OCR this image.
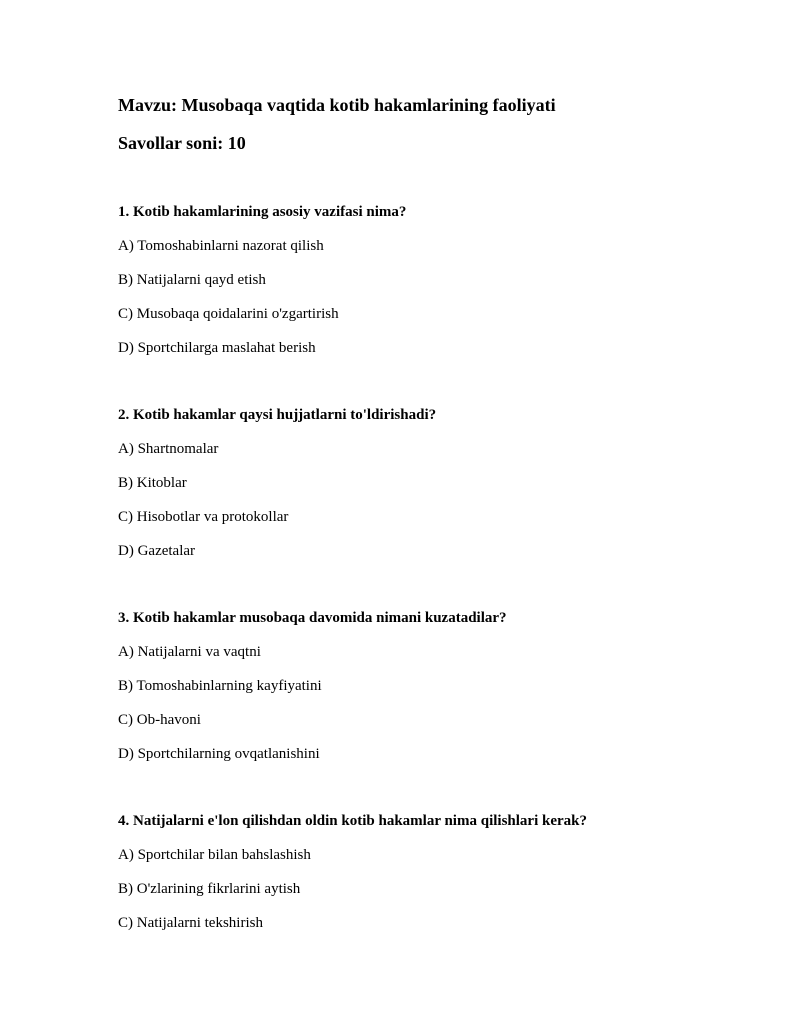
Mavzu: Musobaqa vaqtida kotib hakamlarining faoliyati
Savollar soni: 10
1. Kotib hakamlarining asosiy vazifasi nima?
A) Tomoshabinlarni nazorat qilish
B) Natijalarni qayd etish
C) Musobaqa qoidalarini o'zgartirish
D) Sportchilarga maslahat berish
2. Kotib hakamlar qaysi hujjatlarni to'ldirishadi?
A) Shartnomalar
B) Kitoblar
C) Hisobotlar va protokollar
D) Gazetalar
3. Kotib hakamlar musobaqa davomida nimani kuzatadilar?
A) Natijalarni va vaqtni
B) Tomoshabinlarning kayfiyatini
C) Ob-havoni
D) Sportchilarning ovqatlanishini
4. Natijalarni e'lon qilishdan oldin kotib hakamlar nima qilishlari kerak?
A) Sportchilar bilan bahslashish
B) O'zlarining fikrlarini aytish
C) Natijalarni tekshirish
